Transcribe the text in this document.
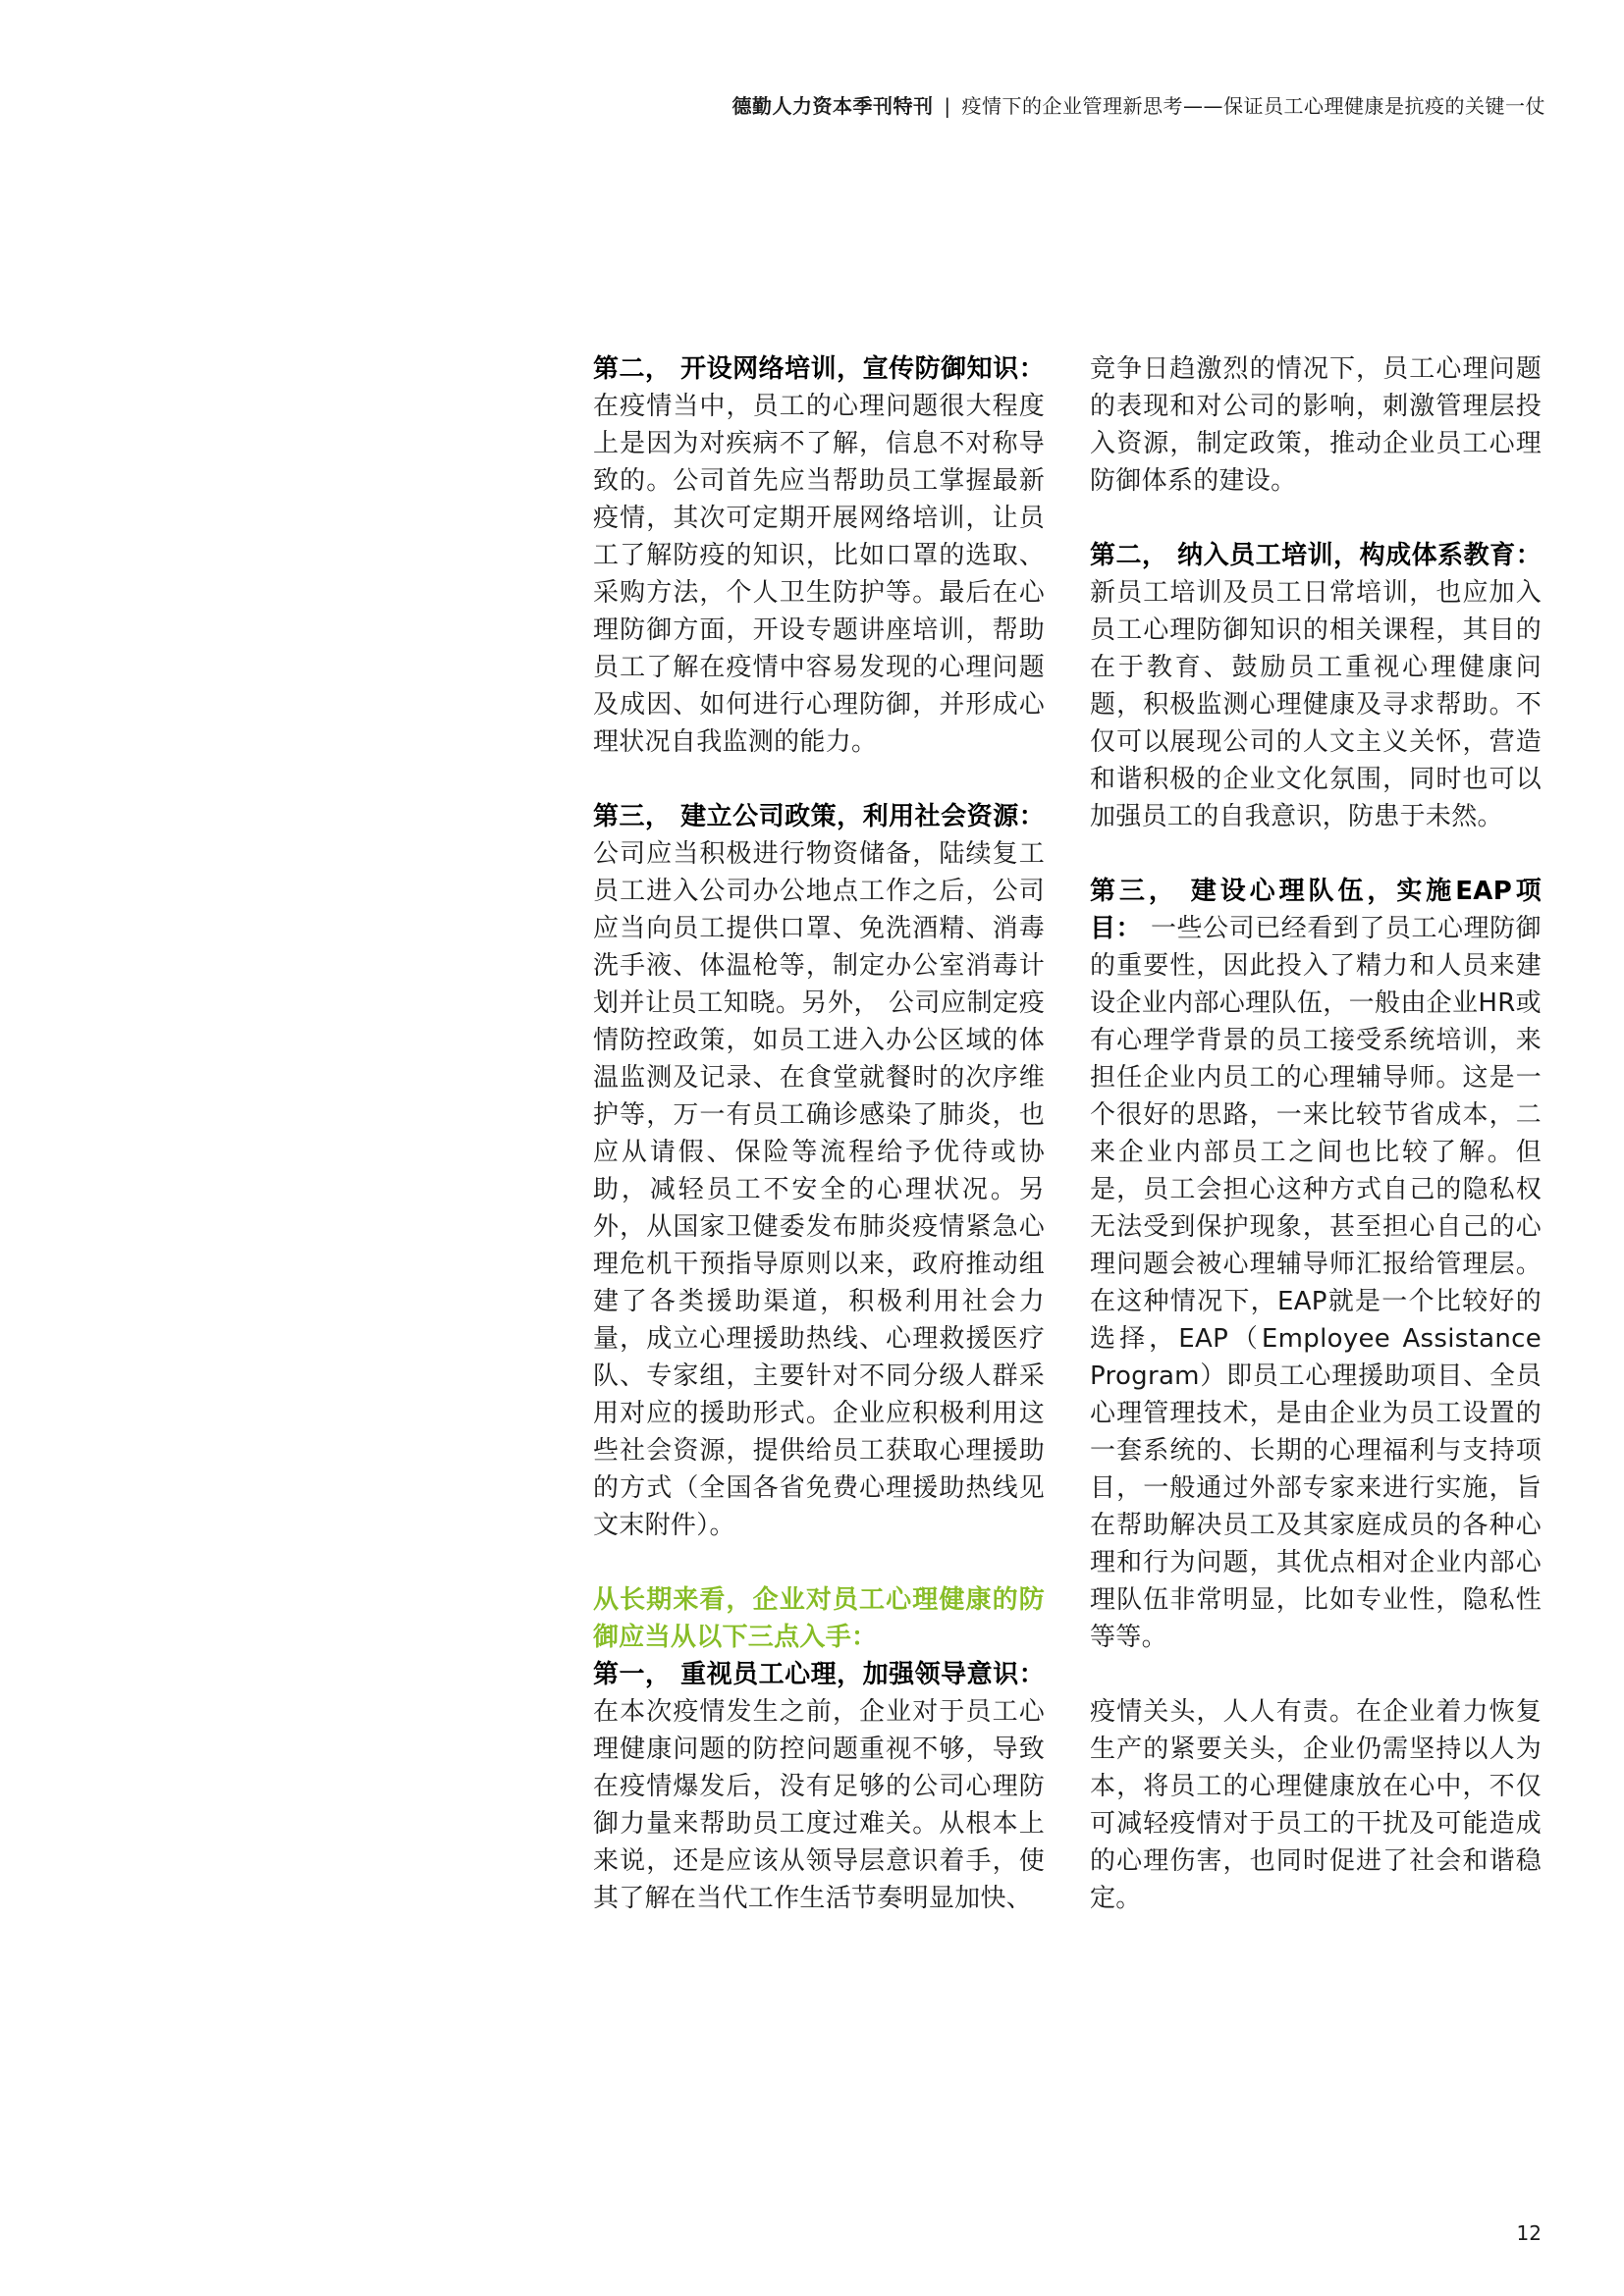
德勤人力资本季刊特刊 | 疫情下的企业管理新思考——保证员工心理健康是抗疫的关键一仗

第二， 开设网络培训，宣传防御知识： 在疫情当中，员工的心理问题很大程度上是因为对疾病不了解，信息不对称导致的。公司首先应当帮助员工掌握最新疫情，其次可定期开展网络培训，让员工了解防疫的知识，比如口罩的选取、采购方法，个人卫生防护等。最后在心理防御方面，开设专题讲座培训，帮助员工了解在疫情中容易发现的心理问题及成因、如何进行心理防御，并形成心理状况自我监测的能力。

第三， 建立公司政策，利用社会资源： 公司应当积极进行物资储备，陆续复工员工进入公司办公地点工作之后，公司应当向员工提供口罩、免洗酒精、消毒洗手液、体温枪等，制定办公室消毒计划并让员工知晓。另外， 公司应制定疫情防控政策，如员工进入办公区域的体温监测及记录、在食堂就餐时的次序维护等，万一有员工确诊感染了肺炎，也应从请假、保险等流程给予优待或协助，减轻员工不安全的心理状况。另外，从国家卫健委发布肺炎疫情紧急心理危机干预指导原则以来，政府推动组建了各类援助渠道，积极利用社会力量，成立心理援助热线、心理救援医疗队、专家组，主要针对不同分级人群采用对应的援助形式。企业应积极利用这些社会资源，提供给员工获取心理援助的方式（全国各省免费心理援助热线见文末附件）。

从长期来看，企业对员工心理健康的防御应当从以下三点入手：

第一， 重视员工心理，加强领导意识： 在本次疫情发生之前，企业对于员工心理健康问题的防控问题重视不够，导致在疫情爆发后，没有足够的公司心理防御力量来帮助员工度过难关。从根本上来说，还是应该从领导层意识着手，使其了解在当代工作生活节奏明显加快、

竞争日趋激烈的情况下，员工心理问题的表现和对公司的影响，刺激管理层投入资源，制定政策，推动企业员工心理防御体系的建设。

第二， 纳入员工培训，构成体系教育： 新员工培训及员工日常培训，也应加入员工心理防御知识的相关课程，其目的在于教育、鼓励员工重视心理健康问题，积极监测心理健康及寻求帮助。不仅可以展现公司的人文主义关怀，营造和谐积极的企业文化氛围，同时也可以加强员工的自我意识，防患于未然。

第三， 建设心理队伍，实施EAP项目： 一些公司已经看到了员工心理防御的重要性，因此投入了精力和人员来建设企业内部心理队伍，一般由企业HR或有心理学背景的员工接受系统培训，来担任企业内员工的心理辅导师。这是一个很好的思路，一来比较节省成本，二来企业内部员工之间也比较了解。但是，员工会担心这种方式自己的隐私权无法受到保护现象，甚至担心自己的心理问题会被心理辅导师汇报给管理层。在这种情况下，EAP就是一个比较好的选择，EAP（Employee Assistance Program）即员工心理援助项目、全员心理管理技术，是由企业为员工设置的一套系统的、长期的心理福利与支持项目，一般通过外部专家来进行实施，旨在帮助解决员工及其家庭成员的各种心理和行为问题，其优点相对企业内部心理队伍非常明显，比如专业性，隐私性等等。

疫情关头，人人有责。在企业着力恢复生产的紧要关头，企业仍需坚持以人为本，将员工的心理健康放在心中，不仅可减轻疫情对于员工的干扰及可能造成的心理伤害，也同时促进了社会和谐稳定。

12
